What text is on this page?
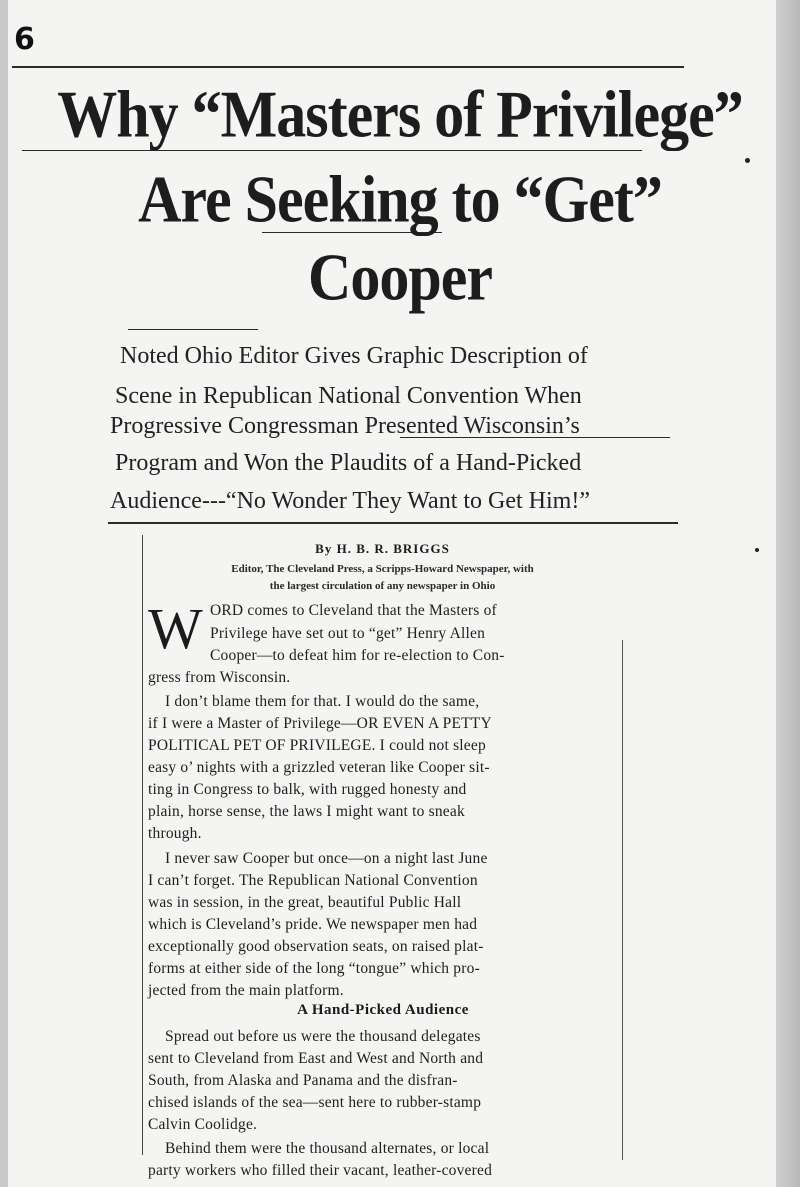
6
Why “Masters of Privilege”
Are Seeking to “Get”
Cooper
Noted Ohio Editor Gives Graphic Description of
Scene in Republican National Convention When
Progressive Congressman Presented Wisconsin’s
Program and Won the Plaudits of a Hand-Picked
Audience---“No Wonder They Want to Get Him!”
By H. B. R. BRIGGS
Editor, The Cleveland Press, a Scripps-Howard Newspaper, with
the largest circulation of any newspaper in Ohio
W ORD comes to Cleveland that the Masters of
Privilege have set out to “get” Henry Allen
Cooper—to defeat him for re-election to Con-
gress from Wisconsin.
I don’t blame them for that. I would do the same,
if I were a Master of Privilege—OR EVEN A PETTY
POLITICAL PET OF PRIVILEGE. I could not sleep
easy o’ nights with a grizzled veteran like Cooper sit-
ting in Congress to balk, with rugged honesty and
plain, horse sense, the laws I might want to sneak
through.
I never saw Cooper but once—on a night last June
I can’t forget. The Republican National Convention
was in session, in the great, beautiful Public Hall
which is Cleveland’s pride. We newspaper men had
exceptionally good observation seats, on raised plat-
forms at either side of the long “tongue” which pro-
jected from the main platform.
A Hand-Picked Audience
Spread out before us were the thousand delegates
sent to Cleveland from East and West and North and
South, from Alaska and Panama and the disfran-
chised islands of the sea—sent here to rubber-stamp
Calvin Coolidge.
Behind them were the thousand alternates, or local
party workers who filled their vacant, leather-covered
